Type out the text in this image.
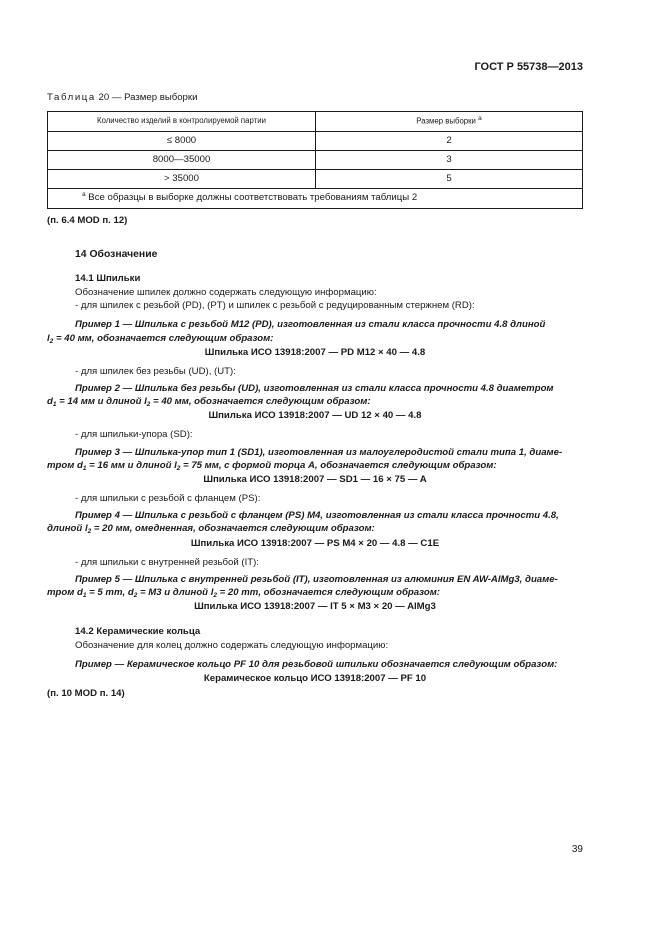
ГОСТ Р 55738—2013
Таблица 20 — Размер выборки
Количество изделий в контролируемой партии	Размер выборки $^a$
≤ 8000	2
8000—35000	3
> 35000	5
$^a$ Все образцы в выборке должны соответствовать требованиям таблицы 2	
(п. 6.4 MOD п. 12)
14 Обозначение
14.1 Шпильки
Обозначение шпилек должно содержать следующую информацию:
- для шпилек с резьбой (PD), (PT) и шпилек с резьбой с редуцированным стержнем (RD):
Пример 1 — Шпилька с резьбой M12 (PD), изготовленная из стали класса прочности 4.8 длиной
$l_2 = 40$ мм, обозначается следующим образом:
Шпилька ИСО 13918:2007 — PD M12 × 40 — 4.8
- для шпилек без резьбы (UD), (UT):
Пример 2 — Шпилька без резьбы (UD), изготовленная из стали класса прочности 4.8 диаметром
$d_1 = 14$ мм и длиной $l_2 = 40$ мм, обозначается следующим образом:
Шпилька ИСО 13918:2007 — UD 12 × 40 — 4.8
- для шпильки-упора (SD):
Пример 3 — Шпилька-упор тип 1 (SD1), изготовленная из малоуглеродистой стали типа 1, диаме-
тром $d_1 = 16$ мм и длиной $l_2 = 75$ мм, с формой торца A, обозначается следующим образом:
Шпилька ИСО 13918:2007 — SD1 — 16 × 75 — A
- для шпильки с резьбой с фланцем (PS):
Пример 4 — Шпилька с резьбой с фланцем (PS) M4, изготовленная из стали класса прочности 4.8,
длиной $l_2 = 20$ мм, омедненная, обозначается следующим образом:
Шпилька ИСО 13918:2007 — PS M4 × 20 — 4.8 — C1E
- для шпильки с внутренней резьбой (IT):
Пример 5 — Шпилька с внутренней резьбой (IT), изготовленная из алюминия EN AW-AlMg3, диаме-
тром $d_1 = 5$ mm, $d_2 = M3$ и длиной $l_2 = 20$ mm, обозначается следующим образом:
Шпилька ИСО 13918:2007 — IT 5 × M3 × 20 — AlMg3
14.2 Керамические кольца
Обозначение для колец должно содержать следующую информацию:
Пример — Керамическое кольцо PF 10 для резьбовой шпильки обозначается следующим образом:
Керамическое кольцо ИСО 13918:2007 — PF 10
(п. 10 MOD п. 14)
39
